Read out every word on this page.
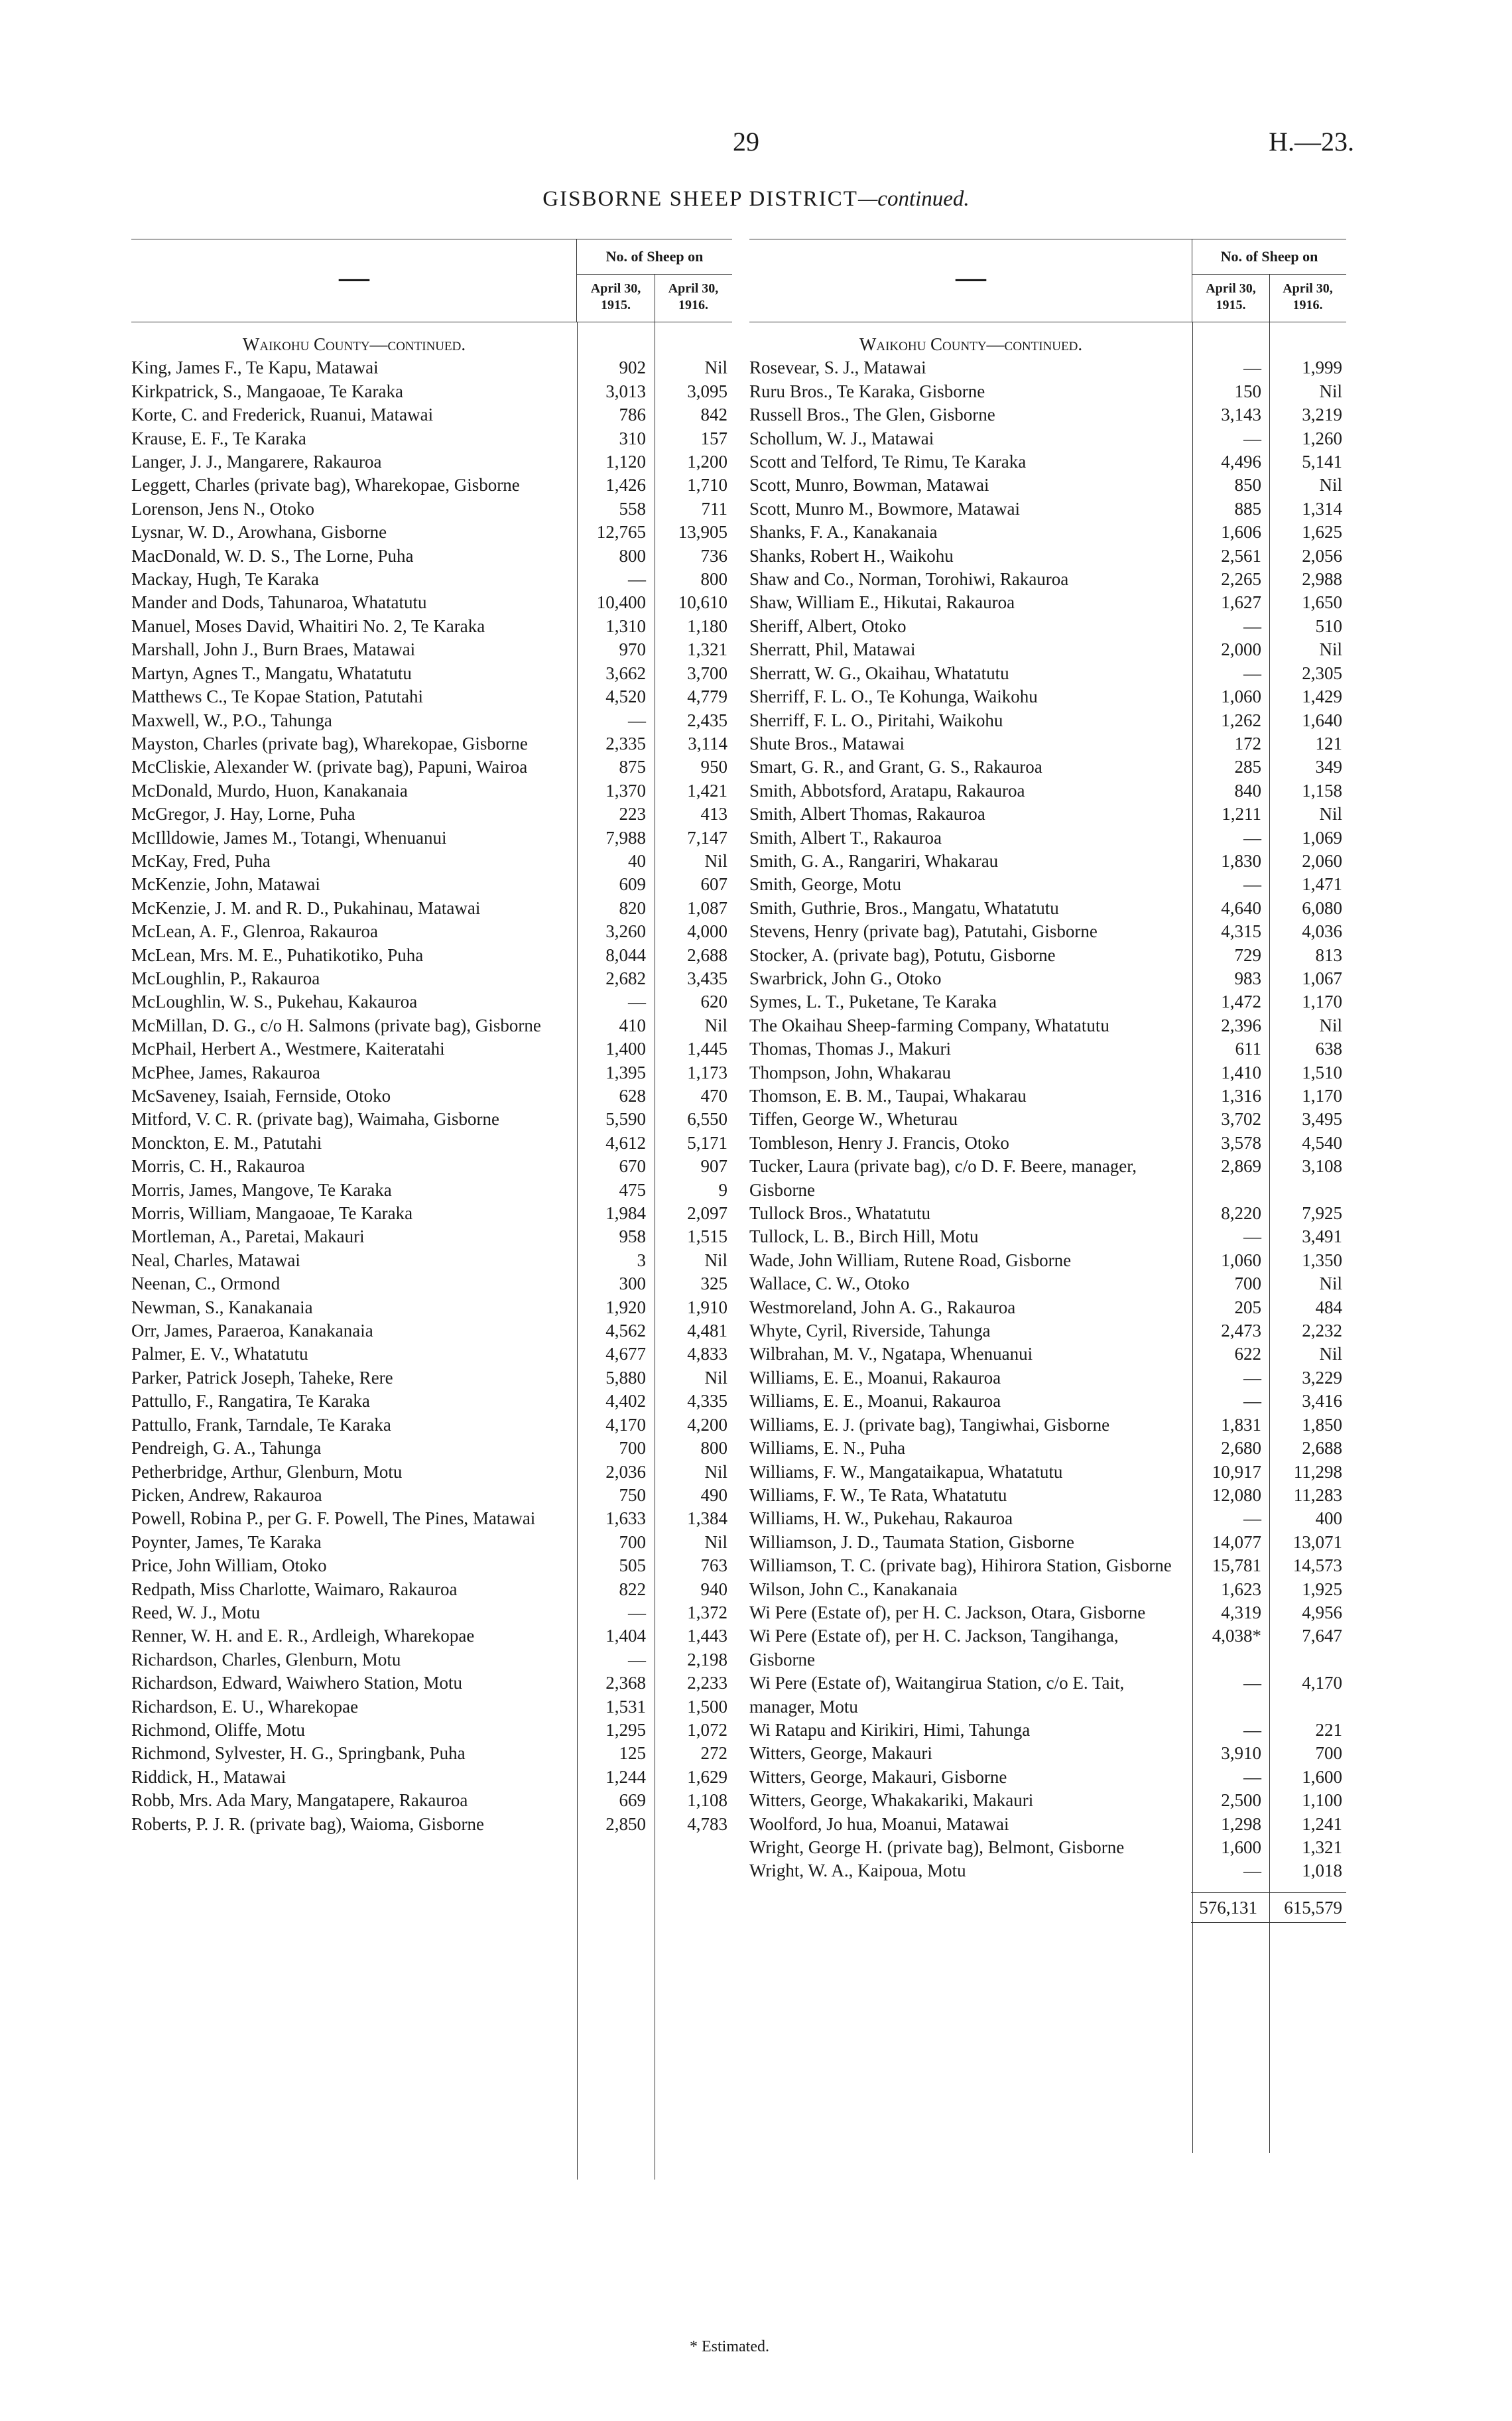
29	H.—23.
GISBORNE SHEEP DISTRICT—continued.
—
No. of Sheep on
April 30, 1915.
April 30, 1916.
Waikohu County—continued.
King, James F., Te Kapu, Matawai	902	Nil
Kirkpatrick, S., Mangaoae, Te Karaka	3,013	3,095
Korte, C. and Frederick, Ruanui, Matawai	786	842
Krause, E. F., Te Karaka	310	157
Langer, J. J., Mangarere, Rakauroa	1,120	1,200
Leggett, Charles (private bag), Wharekopae, Gisborne	1,426	1,710
Lorenson, Jens N., Otoko	558	711
Lysnar, W. D., Arowhana, Gisborne	12,765	13,905
MacDonald, W. D. S., The Lorne, Puha	800	736
Mackay, Hugh, Te Karaka	—	800
Mander and Dods, Tahunaroa, Whatatutu	10,400	10,610
Manuel, Moses David, Whaitiri No. 2, Te Karaka	1,310	1,180
Marshall, John J., Burn Braes, Matawai	970	1,321
Martyn, Agnes T., Mangatu, Whatatutu	3,662	3,700
Matthews C., Te Kopae Station, Patutahi	4,520	4,779
Maxwell, W., P.O., Tahunga	—	2,435
Mayston, Charles (private bag), Wharekopae, Gisborne	2,335	3,114
McCliskie, Alexander W. (private bag), Papuni, Wairoa	875	950
McDonald, Murdo, Huon, Kanakanaia	1,370	1,421
McGregor, J. Hay, Lorne, Puha	223	413
McIlldowie, James M., Totangi, Whenuanui	7,988	7,147
McKay, Fred, Puha	40	Nil
McKenzie, John, Matawai	609	607
McKenzie, J. M. and R. D., Pukahinau, Matawai	820	1,087
McLean, A. F., Glenroa, Rakauroa	3,260	4,000
McLean, Mrs. M. E., Puhatikotiko, Puha	8,044	2,688
McLoughlin, P., Rakauroa	2,682	3,435
McLoughlin, W. S., Pukehau, Kakauroa	—	620
McMillan, D. G., c/o H. Salmons (private bag), Gisborne	410	Nil
McPhail, Herbert A., Westmere, Kaiteratahi	1,400	1,445
McPhee, James, Rakauroa	1,395	1,173
McSaveney, Isaiah, Fernside, Otoko	628	470
Mitford, V. C. R. (private bag), Waimaha, Gisborne	5,590	6,550
Monckton, E. M., Patutahi	4,612	5,171
Morris, C. H., Rakauroa	670	907
Morris, James, Mangove, Te Karaka	475	9
Morris, William, Mangaoae, Te Karaka	1,984	2,097
Mortleman, A., Paretai, Makauri	958	1,515
Neal, Charles, Matawai	3	Nil
Neenan, C., Ormond	300	325
Newman, S., Kanakanaia	1,920	1,910
Orr, James, Paraeroa, Kanakanaia	4,562	4,481
Palmer, E. V., Whatatutu	4,677	4,833
Parker, Patrick Joseph, Taheke, Rere	5,880	Nil
Pattullo, F., Rangatira, Te Karaka	4,402	4,335
Pattullo, Frank, Tarndale, Te Karaka	4,170	4,200
Pendreigh, G. A., Tahunga	700	800
Petherbridge, Arthur, Glenburn, Motu	2,036	Nil
Picken, Andrew, Rakauroa	750	490
Powell, Robina P., per G. F. Powell, The Pines, Matawai	1,633	1,384
Poynter, James, Te Karaka	700	Nil
Price, John William, Otoko	505	763
Redpath, Miss Charlotte, Waimaro, Rakauroa	822	940
Reed, W. J., Motu	—	1,372
Renner, W. H. and E. R., Ardleigh, Wharekopae	1,404	1,443
Richardson, Charles, Glenburn, Motu	—	2,198
Richardson, Edward, Waiwhero Station, Motu	2,368	2,233
Richardson, E. U., Wharekopae	1,531	1,500
Richmond, Oliffe, Motu	1,295	1,072
Richmond, Sylvester, H. G., Springbank, Puha	125	272
Riddick, H., Matawai	1,244	1,629
Robb, Mrs. Ada Mary, Mangatapere, Rakauroa	669	1,108
Roberts, P. J. R. (private bag), Waioma, Gisborne	2,850	4,783
—
No. of Sheep on
April 30, 1915.
April 30, 1916.
Waikohu County—continued.
Rosevear, S. J., Matawai	—	1,999
Ruru Bros., Te Karaka, Gisborne	150	Nil
Russell Bros., The Glen, Gisborne	3,143	3,219
Schollum, W. J., Matawai	—	1,260
Scott and Telford, Te Rimu, Te Karaka	4,496	5,141
Scott, Munro, Bowman, Matawai	850	Nil
Scott, Munro M., Bowmore, Matawai	885	1,314
Shanks, F. A., Kanakanaia	1,606	1,625
Shanks, Robert H., Waikohu	2,561	2,056
Shaw and Co., Norman, Torohiwi, Rakauroa	2,265	2,988
Shaw, William E., Hikutai, Rakauroa	1,627	1,650
Sheriff, Albert, Otoko	—	510
Sherratt, Phil, Matawai	2,000	Nil
Sherratt, W. G., Okaihau, Whatatutu	—	2,305
Sherriff, F. L. O., Te Kohunga, Waikohu	1,060	1,429
Sherriff, F. L. O., Piritahi, Waikohu	1,262	1,640
Shute Bros., Matawai	172	121
Smart, G. R., and Grant, G. S., Rakauroa	285	349
Smith, Abbotsford, Aratapu, Rakauroa	840	1,158
Smith, Albert Thomas, Rakauroa	1,211	Nil
Smith, Albert T., Rakauroa	—	1,069
Smith, G. A., Rangariri, Whakarau	1,830	2,060
Smith, George, Motu	—	1,471
Smith, Guthrie, Bros., Mangatu, Whatatutu	4,640	6,080
Stevens, Henry (private bag), Patutahi, Gisborne	4,315	4,036
Stocker, A. (private bag), Potutu, Gisborne	729	813
Swarbrick, John G., Otoko	983	1,067
Symes, L. T., Puketane, Te Karaka	1,472	1,170
The Okaihau Sheep-farming Company, Whatatutu	2,396	Nil
Thomas, Thomas J., Makuri	611	638
Thompson, John, Whakarau	1,410	1,510
Thomson, E. B. M., Taupai, Whakarau	1,316	1,170
Tiffen, George W., Wheturau	3,702	3,495
Tombleson, Henry J. Francis, Otoko	3,578	4,540
Tucker, Laura (private bag), c/o D. F. Beere, manager, Gisborne
2,869	3,108
Tullock Bros., Whatatutu	8,220	7,925
Tullock, L. B., Birch Hill, Motu	—	3,491
Wade, John William, Rutene Road, Gisborne	1,060	1,350
Wallace, C. W., Otoko	700	Nil
Westmoreland, John A. G., Rakauroa	205	484
Whyte, Cyril, Riverside, Tahunga	2,473	2,232
Wilbrahan, M. V., Ngatapa, Whenuanui	622	Nil
Williams, E. E., Moanui, Rakauroa	—	3,229
Williams, E. E., Moanui, Rakauroa	—	3,416
Williams, E. J. (private bag), Tangiwhai, Gisborne	1,831	1,850
Williams, E. N., Puha	2,680	2,688
Williams, F. W., Mangataikapua, Whatatutu	10,917	11,298
Williams, F. W., Te Rata, Whatatutu	12,080	11,283
Williams, H. W., Pukehau, Rakauroa	—	400
Williamson, J. D., Taumata Station, Gisborne	14,077	13,071
Williamson, T. C. (private bag), Hihirora Station, Gisborne	15,781	14,573
Wilson, John C., Kanakanaia	1,623	1,925
Wi Pere (Estate of), per H. C. Jackson, Otara, Gisborne	4,319	4,956
Wi Pere (Estate of), per H. C. Jackson, Tangihanga, Gisborne
4,038*	7,647
Wi Pere (Estate of), Waitangirua Station, c/o E. Tait, manager, Motu
—	4,170
Wi Ratapu and Kirikiri, Himi, Tahunga	—	221
Witters, George, Makauri	3,910	700
Witters, George, Makauri, Gisborne	—	1,600
Witters, George, Whakakariki, Makauri	2,500	1,100
Woolford, Jo hua, Moanui, Matawai	1,298	1,241
Wright, George H. (private bag), Belmont, Gisborne	1,600	1,321
Wright, W. A., Kaipoua, Motu	—	1,018
576,131	615,579
* Estimated.
